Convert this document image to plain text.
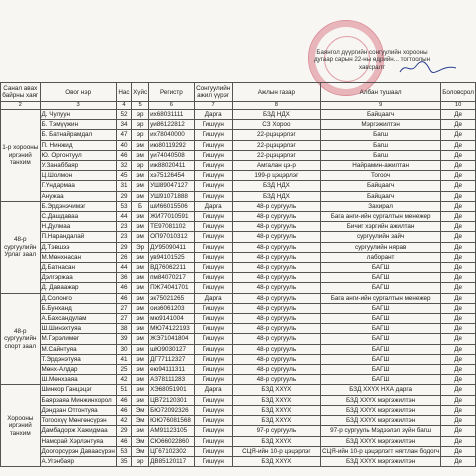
Баянгол дүүргийн сонгуулийн хорооны
дугаар сарын 22-ны өдрийн... тогтоолын
хавсралт
Санал авах байрны хаяг	Овог нэр	Нас	Хүйс	Регистр	Сонгуулийн ажил үүрэг	Ажлын газар	Албан тушаал	Боловсрол
2	3	4	5	6	7	8	9	10
1-р хорооны иргэний танхим	Д. Чулуун	52	эр	их68031111	Дарга	БЗД НДХ	Байцаагч	Де
	Б. Тэмүүжин	34	эр	уи86122812	Гишүүн	СЗ Хороо	Мэргэжилтэн	Де
	Б. Батнайрамдал	47	эр	их78040000	Гишүүн	22-рцэцэрлэг	Багш	Де
	П. Нинжид	40	эм	ию80119292	Гишүүн	22-рцэцэрлэг	Багш	Де
	Ю. Оргонтуул	46	эм	уи74040508	Гишүүн	22-рцэцэрлэг	Багш	Де
	У.Занаббаяр	32	эр	иж88020411	Гишүүн	Амгалан цэ-р	Найрамин-ажилтан	Де
	Ц.Шолмон	45	эм	хэ75126454	Гишүүн	199-р цэцэрлэг	Тогооч	Де
	Г.Үндармаа	31	эм	УШ89047127	Гишүүн	БЗД НДХ	Байцаагч	Де
	Анужаа	29	эм	УШ91071888	Гишүүн	БЗД НДХ	Байцаагч	Де
48-р сургуулийн Урлаг заал	Б.Эрдэнэчимэг	53	Б	шИ66015506	Дарга	48-р сургууль	Захирал	Де
	С.Дашдаваа	44	эм	ЖИ77010591	Гишүүн	48-р сургууль	Бага анги-ийн сургалтын менежер	Де
	Н.Дулмаа	23	эм	ТЕ97081102	Гишүүн	48-р сургууль	Бичиг хэргийн ажилтан	Де
	П.Нарандалай	23	эм	ОП97010312	Гишүүн	48-р сургууль	сургуулийн зайч	Де
	Д.Тэвшээ	29	Эр	ДУ95090411	Гишүүн	48-р сургууль	сургуулийн нярав	Де
	М.Мөнхнасан	26	эм	ув94101525	Гишүүн	48-р сургууль	лаборант	Де
	Д.Батнасан	44	эм	ВД76062211	Гишүүн	48-р сургууль	БАГШ	Де
	Дэлгэржаа	36	эм	пм84070217	Гишүүн	48-р сургууль	БАГШ	Де
	Д. Даваажар	46	эм	ПЖ74041701	Гишүүн	48-р сургууль	БАГШ	Де
48-р сургуулийн спорт заал	Д.Солонго	46	эм	эк75021265	Дарга	48-р сургууль	Бага анги-ийн сургалтын менежер	Де
	Б.Бунханд	27	эм	оиз6061203	Гишүүн	48-р сургууль	БАГШ	Де
	А.Бахсандулам	27	эм	мю9141004	Гишүүн	48-р сургууль	БАГШ	Де
	Ш.Шинэхтуяа	38	эм	МЮ74122193	Гишүүн	48-р сургууль	БАГШ	Де
	М.Гэрэлимөг	39	эм	ЖЭ71041804	Гишүүн	48-р сургууль	БАГШ	Де
	М.Сайнтуяа	30	эм	шЮ9030127	Гишүүн	48-р сургууль	БАГШ	Де
	Т.Эрдэнэтуяа	41	эм	ДГ77112327	Гишүүн	48-р сургууль	БАГШ	Де
	Мөнх-Алдар	25	эм	ею94111311	Гишүүн	48-р сургууль	БАГШ	Де
	Ш.Мөнхзаяа	42	эм	АЗ78111283	Гишүүн	48-р сургууль	БАГШ	Де
Хорооны иргэний танхим	Шинкор Ганцэцэг	51	эм	ХЭ68051901	Дарга	БЗД ХХҮХ	БЗД ХХҮХ НХА дарга	Де
	Баярзаяа Минжинхорол	46	эм	ЦВ72120301	Гишүүн	БЗД ХХҮХ	БЗД ХХҮХ мэргэжилтэн	Де
	Дэндзан Отгонтуяа	46	Эм	БЮ72092326	Гишүүн	БЗД ХХҮХ	БЗД ХХҮХ мэргэжилтэн	Де
	Тогоохүү Мөнгөнсүрэн	42	Эм	ЮЮ76081568	Гишүүн	БЗД ХХҮХ	БЗД ХХҮХ мэргэжилтэн	Де
	Дамбадорж Хажидмаа	29	эм	АМ91123105	Гишүүн	97-р сургууль	97-р сургууль Мэдээлэл зүйн багш	Де
	Намсрай Хэрлэнтуяа	46	Эм	СЮ66022860	Гишүүн	БЗД ХХҮХ	БЗД ХХҮХ мэргэжилтэн	Де
	Доогорсүрэн Даваасүрэн	53	Эм	ЦГ67102302	Гишүүн	СЦЯ-ийн 10-р цэцэрлэг	СЦЯ-ийн 10-р цэцэрлэгт нягтлан бодогч	Де
	А.Угэнбаяр	35	эр	ДВ85120117	Гишүүн	БЗД ХХҮХ	БЗД ХХҮХ мэргэжилтэн	Де
